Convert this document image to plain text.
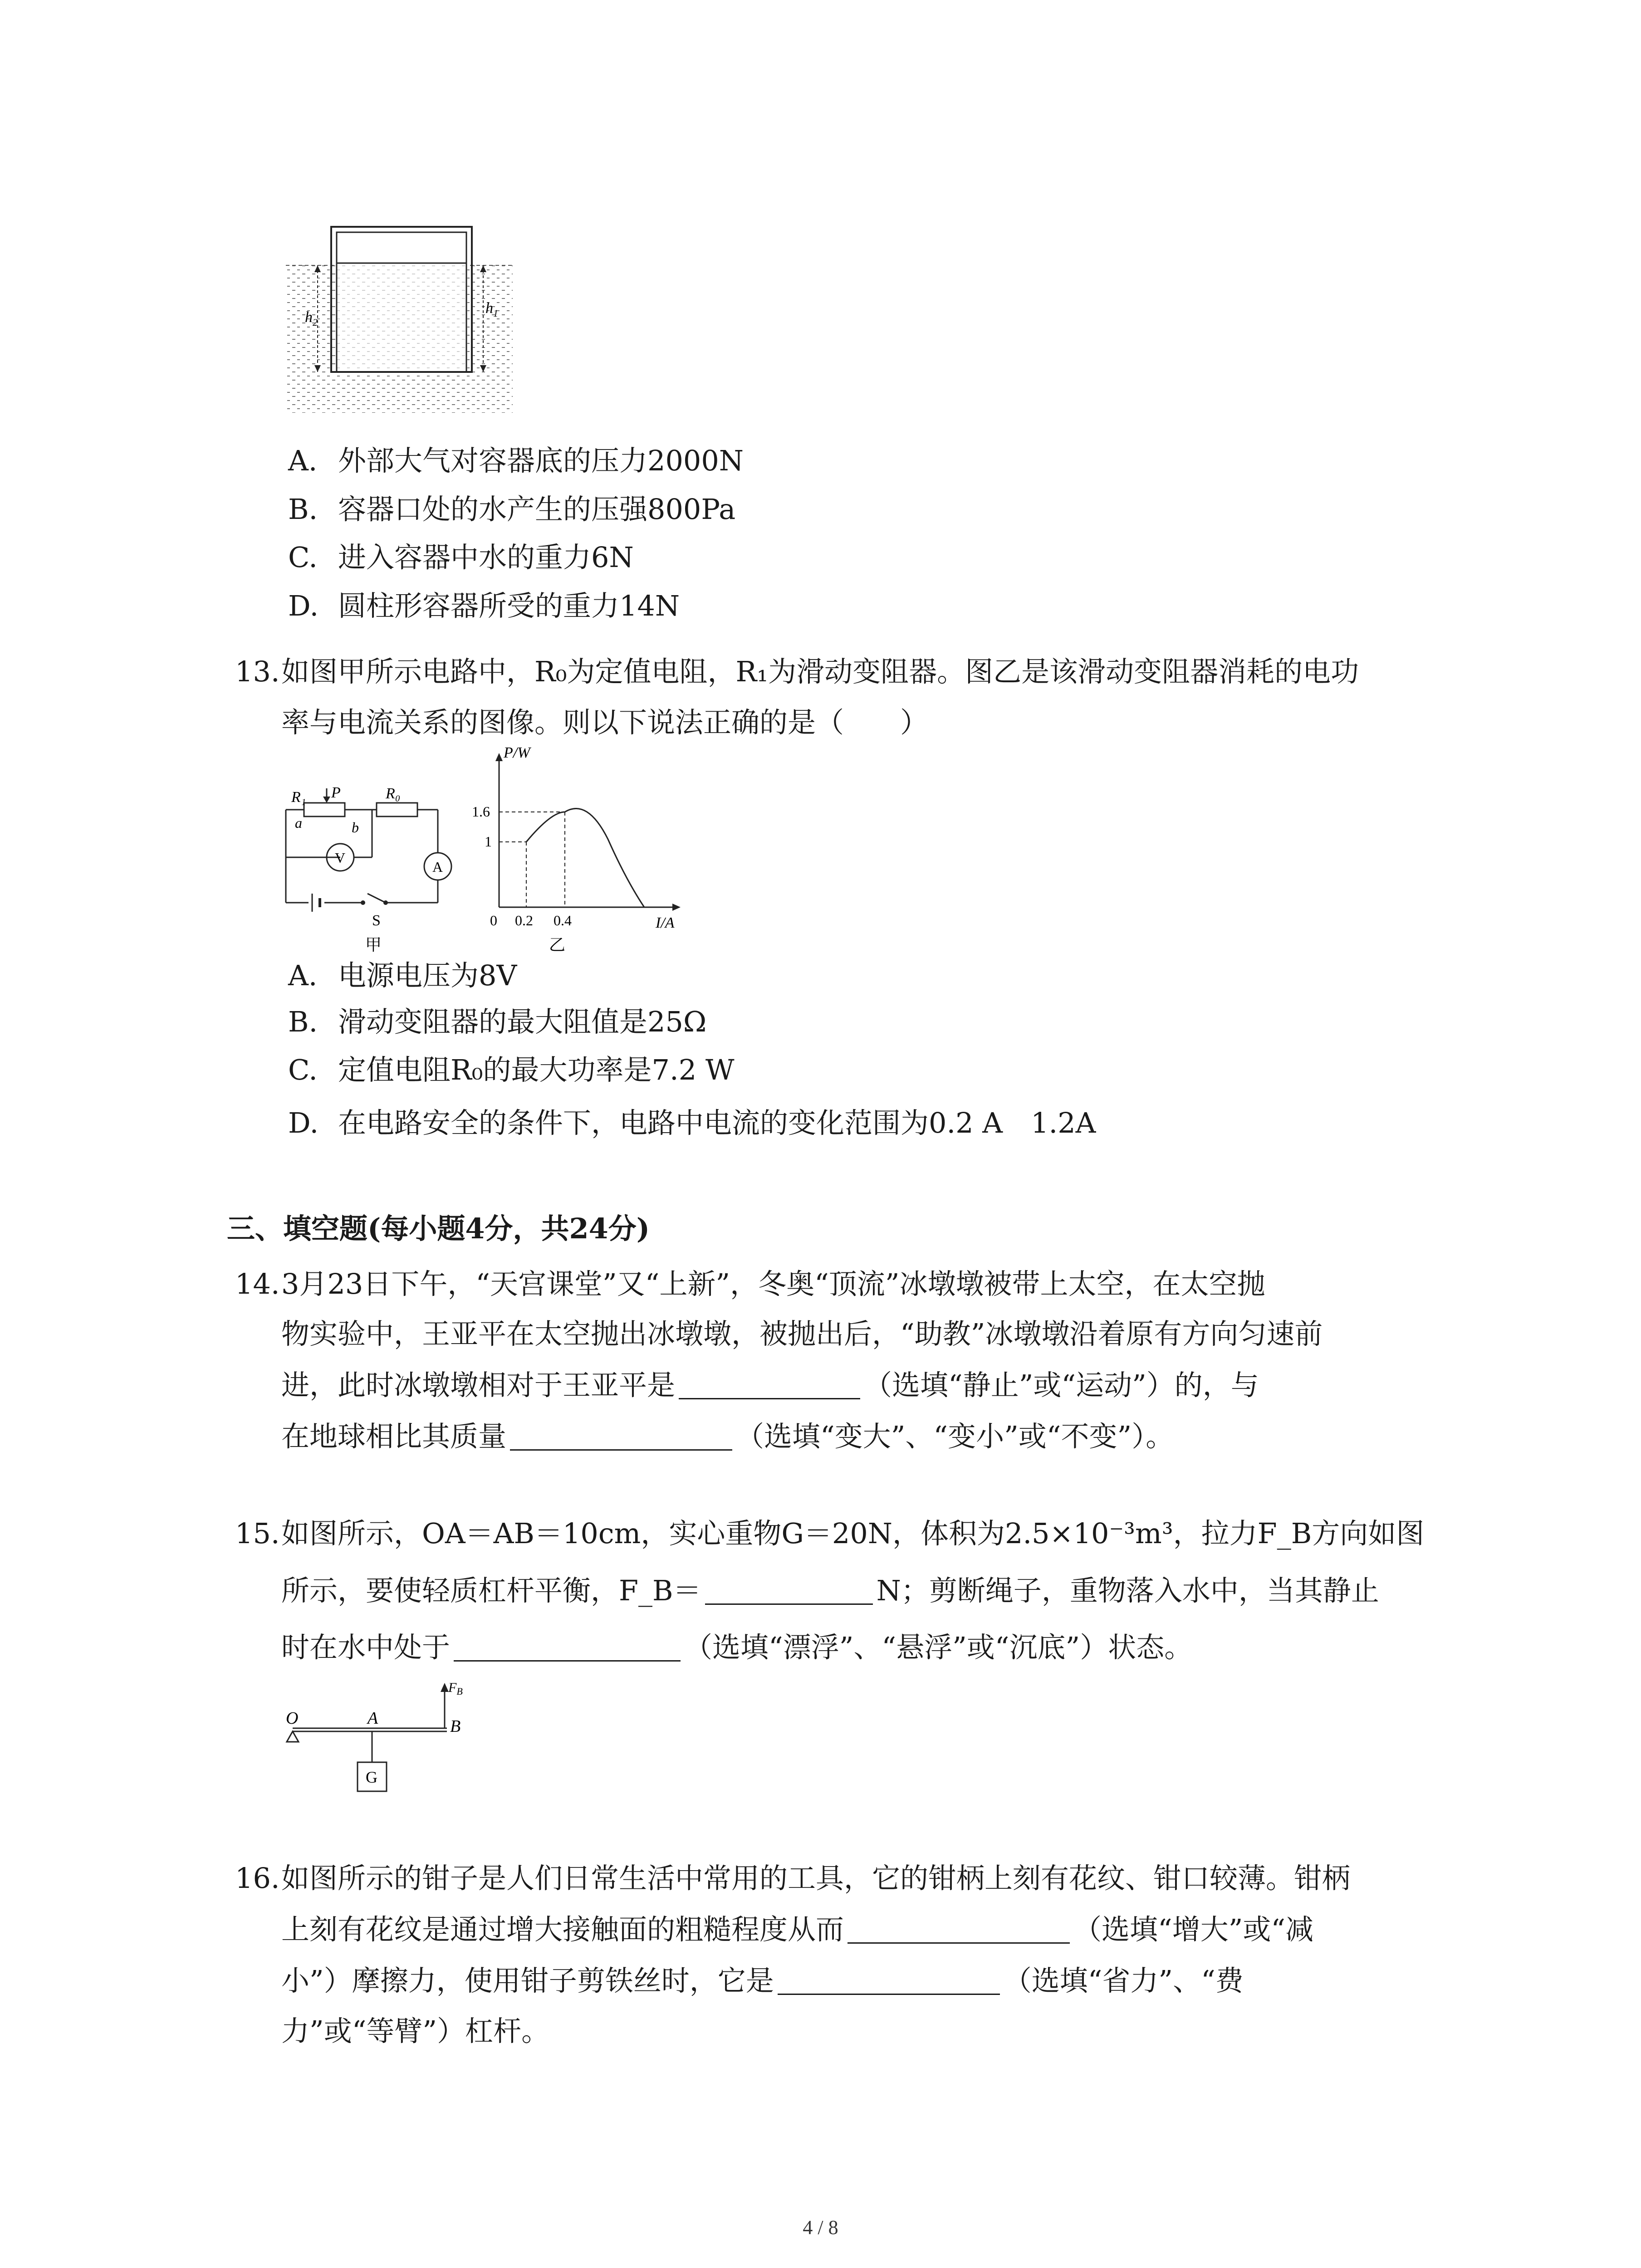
$h_2$
$h_1$
A. 外部大气对容器底的压力2000N
B. 容器口处的水产生的压强800Pa
C. 进入容器中水的重力6N
D. 圆柱形容器所受的重力14N
13. 如图甲所示电路中，R₀为定值电阻，R₁为滑动变阻器。图乙是该滑动变阻器消耗的电功
率与电流关系的图像。则以下说法正确的是（　　）
R₁
a
P
b
R₀
V
A
S
甲
P/W
1.6
1
0 0.2 0.4	I/A
乙
A. 电源电压为8V
B. 滑动变阻器的最大阻值是25Ω
C. 定值电阻R₀的最大功率是7.2 W
D. 在电路安全的条件下，电路中电流的变化范围为0.2 A　1.2A
三、填空题(每小题4分，共24分)
14. 3月23日下午，“天宫课堂”又“上新”，冬奥“顶流”冰墩墩被带上太空，在太空抛
物实验中，王亚平在太空抛出冰墩墩，被抛出后，“助教”冰墩墩沿着原有方向匀速前
进，此时冰墩墩相对于王亚平是	（选填“静止”或“运动”）的，与
在地球相比其质量	（选填“变大”、“变小”或“不变”）。
15. 如图所示，OA＝AB＝10cm，实心重物G＝20N，体积为2.5×10⁻³m³，拉力F_B方向如图
所示，要使轻质杠杆平衡，F_B＝	N；剪断绳子，重物落入水中，当其静止
时在水中处于	（选填“漂浮”、“悬浮”或“沉底”）状态。
O	A	B
$F_B$
G
16. 如图所示的钳子是人们日常生活中常用的工具，它的钳柄上刻有花纹、钳口较薄。钳柄
上刻有花纹是通过增大接触面的粗糙程度从而	（选填“增大”或“减
小”）摩擦力，使用钳子剪铁丝时，它是	（选填“省力”、“费
力”或“等臂”）杠杆。
4 / 8
